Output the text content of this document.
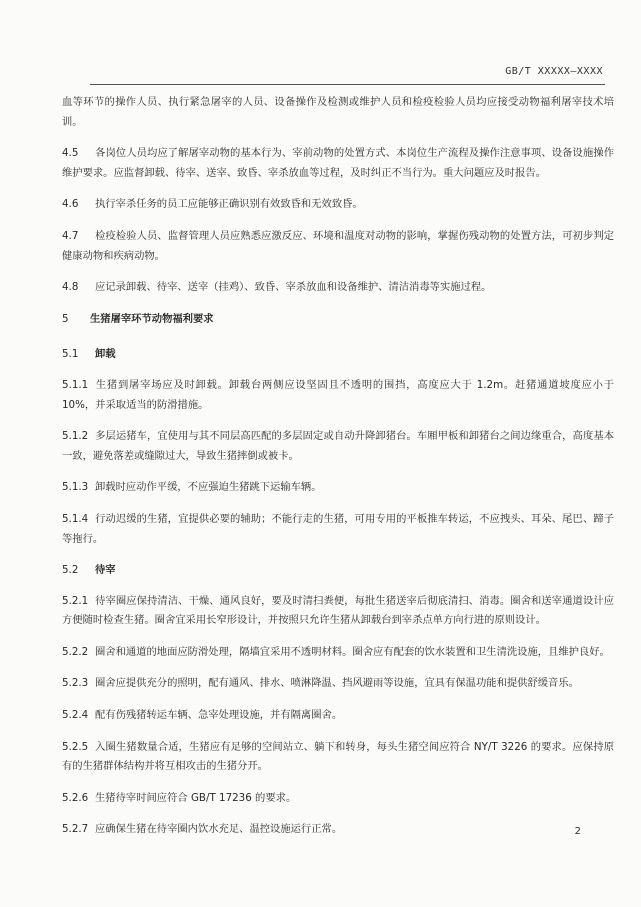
GB/T XXXXX—XXXX

血等环节的操作人员、执行紧急屠宰的人员、设备操作及检测或维护人员和检疫检验人员均应接受动物福利屠宰技术培训。

4.5 各岗位人员均应了解屠宰动物的基本行为、宰前动物的处置方式、本岗位生产流程及操作注意事项、设备设施操作维护要求。应监督卸载、待宰、送宰、致昏、宰杀放血等过程，及时纠正不当行为。重大问题应及时报告。

4.6 执行宰杀任务的员工应能够正确识别有效致昏和无效致昏。

4.7 检疫检验人员、监督管理人员应熟悉应激反应、环境和温度对动物的影响，掌握伤残动物的处置方法，可初步判定健康动物和疾病动物。

4.8 应记录卸载、待宰、送宰（挂鸡）、致昏、宰杀放血和设备维护、清洁消毒等实施过程。

5 生猪屠宰环节动物福利要求
5.1 卸载

5.1.1 生猪到屠宰场应及时卸载。卸载台两侧应设坚固且不透明的围挡，高度应大于 1.2m。赶猪通道坡度应小于 10%，并采取适当的防滑措施。

5.1.2 多层运猪车，宜使用与其不同层高匹配的多层固定或自动升降卸猪台。车厢甲板和卸猪台之间边缘重合，高度基本一致，避免落差或缝隙过大，导致生猪摔倒或被卡。

5.1.3 卸载时应动作平缓，不应强迫生猪跳下运输车辆。

5.1.4 行动迟缓的生猪，宜提供必要的辅助；不能行走的生猪，可用专用的平板推车转运，不应拽头、耳朵、尾巴、蹄子等拖行。

5.2 待宰

5.2.1 待宰圈应保持清洁、干燥、通风良好，要及时清扫粪便，每批生猪送宰后彻底清扫、消毒。圈舍和送宰通道设计应方便随时检查生猪。圈舍宜采用长窄形设计，并按照只允许生猪从卸载台到宰杀点单方向行进的原则设计。

5.2.2 圈舍和通道的地面应防滑处理，隔墙宜采用不透明材料。圈舍应有配套的饮水装置和卫生清洗设施，且维护良好。

5.2.3 圈舍应提供充分的照明，配有通风、排水、喷淋降温、挡风避雨等设施，宜具有保温功能和提供舒缓音乐。

5.2.4 配有伤残猪转运车辆、急宰处理设施，并有隔离圈舍。

5.2.5 入圈生猪数量合适，生猪应有足够的空间站立、躺下和转身，每头生猪空间应符合 NY/T 3226 的要求。应保持原有的生猪群体结构并将互相攻击的生猪分开。

5.2.6 生猪待宰时间应符合 GB/T 17236 的要求。

5.2.7 应确保生猪在待宰圈内饮水充足、温控设施运行正常。	2
